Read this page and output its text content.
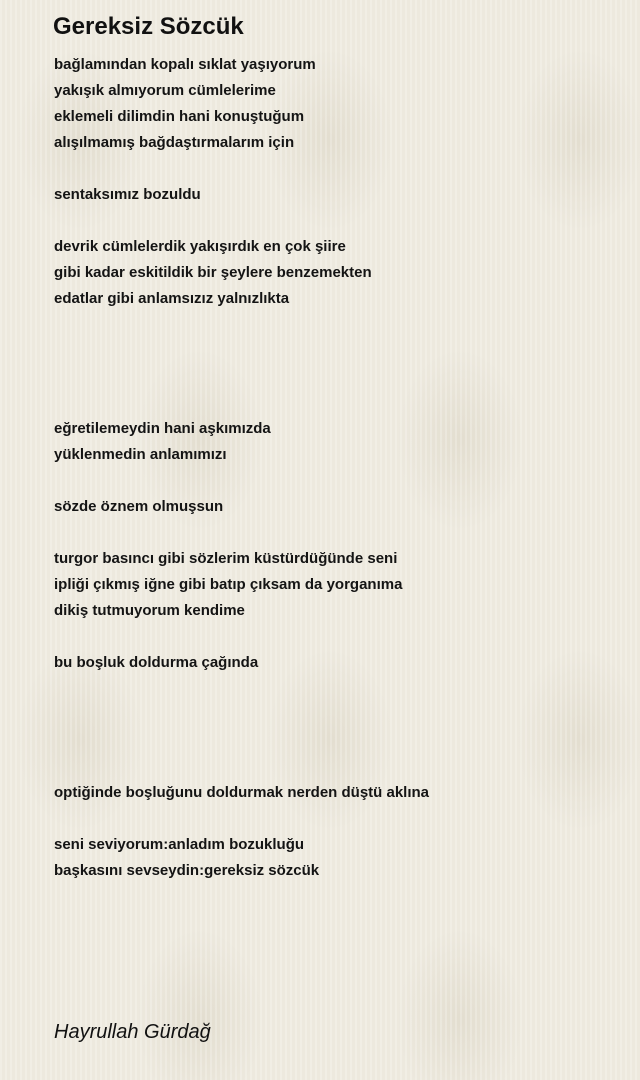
Gereksiz Sözcük
bağlamından kopalı sıklat yaşıyorum
yakışık almıyorum cümlelerime
eklemeli dilimdin hani konuştuğum
alışılmamış bağdaştırmalarım için
sentaksımız bozuldu
devrik cümlelerdik yakışırdık en çok şiire
gibi kadar eskitildik bir şeylere benzemekten
edatlar gibi anlamsızız yalnızlıkta
eğretilemeydin hani aşkımızda
yüklenmedin anlamımızı
sözde öznem olmuşsun
turgor basıncı gibi sözlerim küstürdüğünde seni
ipliği çıkmış iğne gibi batıp çıksam da yorganıma
dikiş tutmuyorum kendime
bu boşluk doldurma çağında
optiğinde boşluğunu doldurmak nerden düştü aklına
seni seviyorum:anladım bozukluğu
başkasını sevseydin:gereksiz sözcük
Hayrullah Gürdağ
